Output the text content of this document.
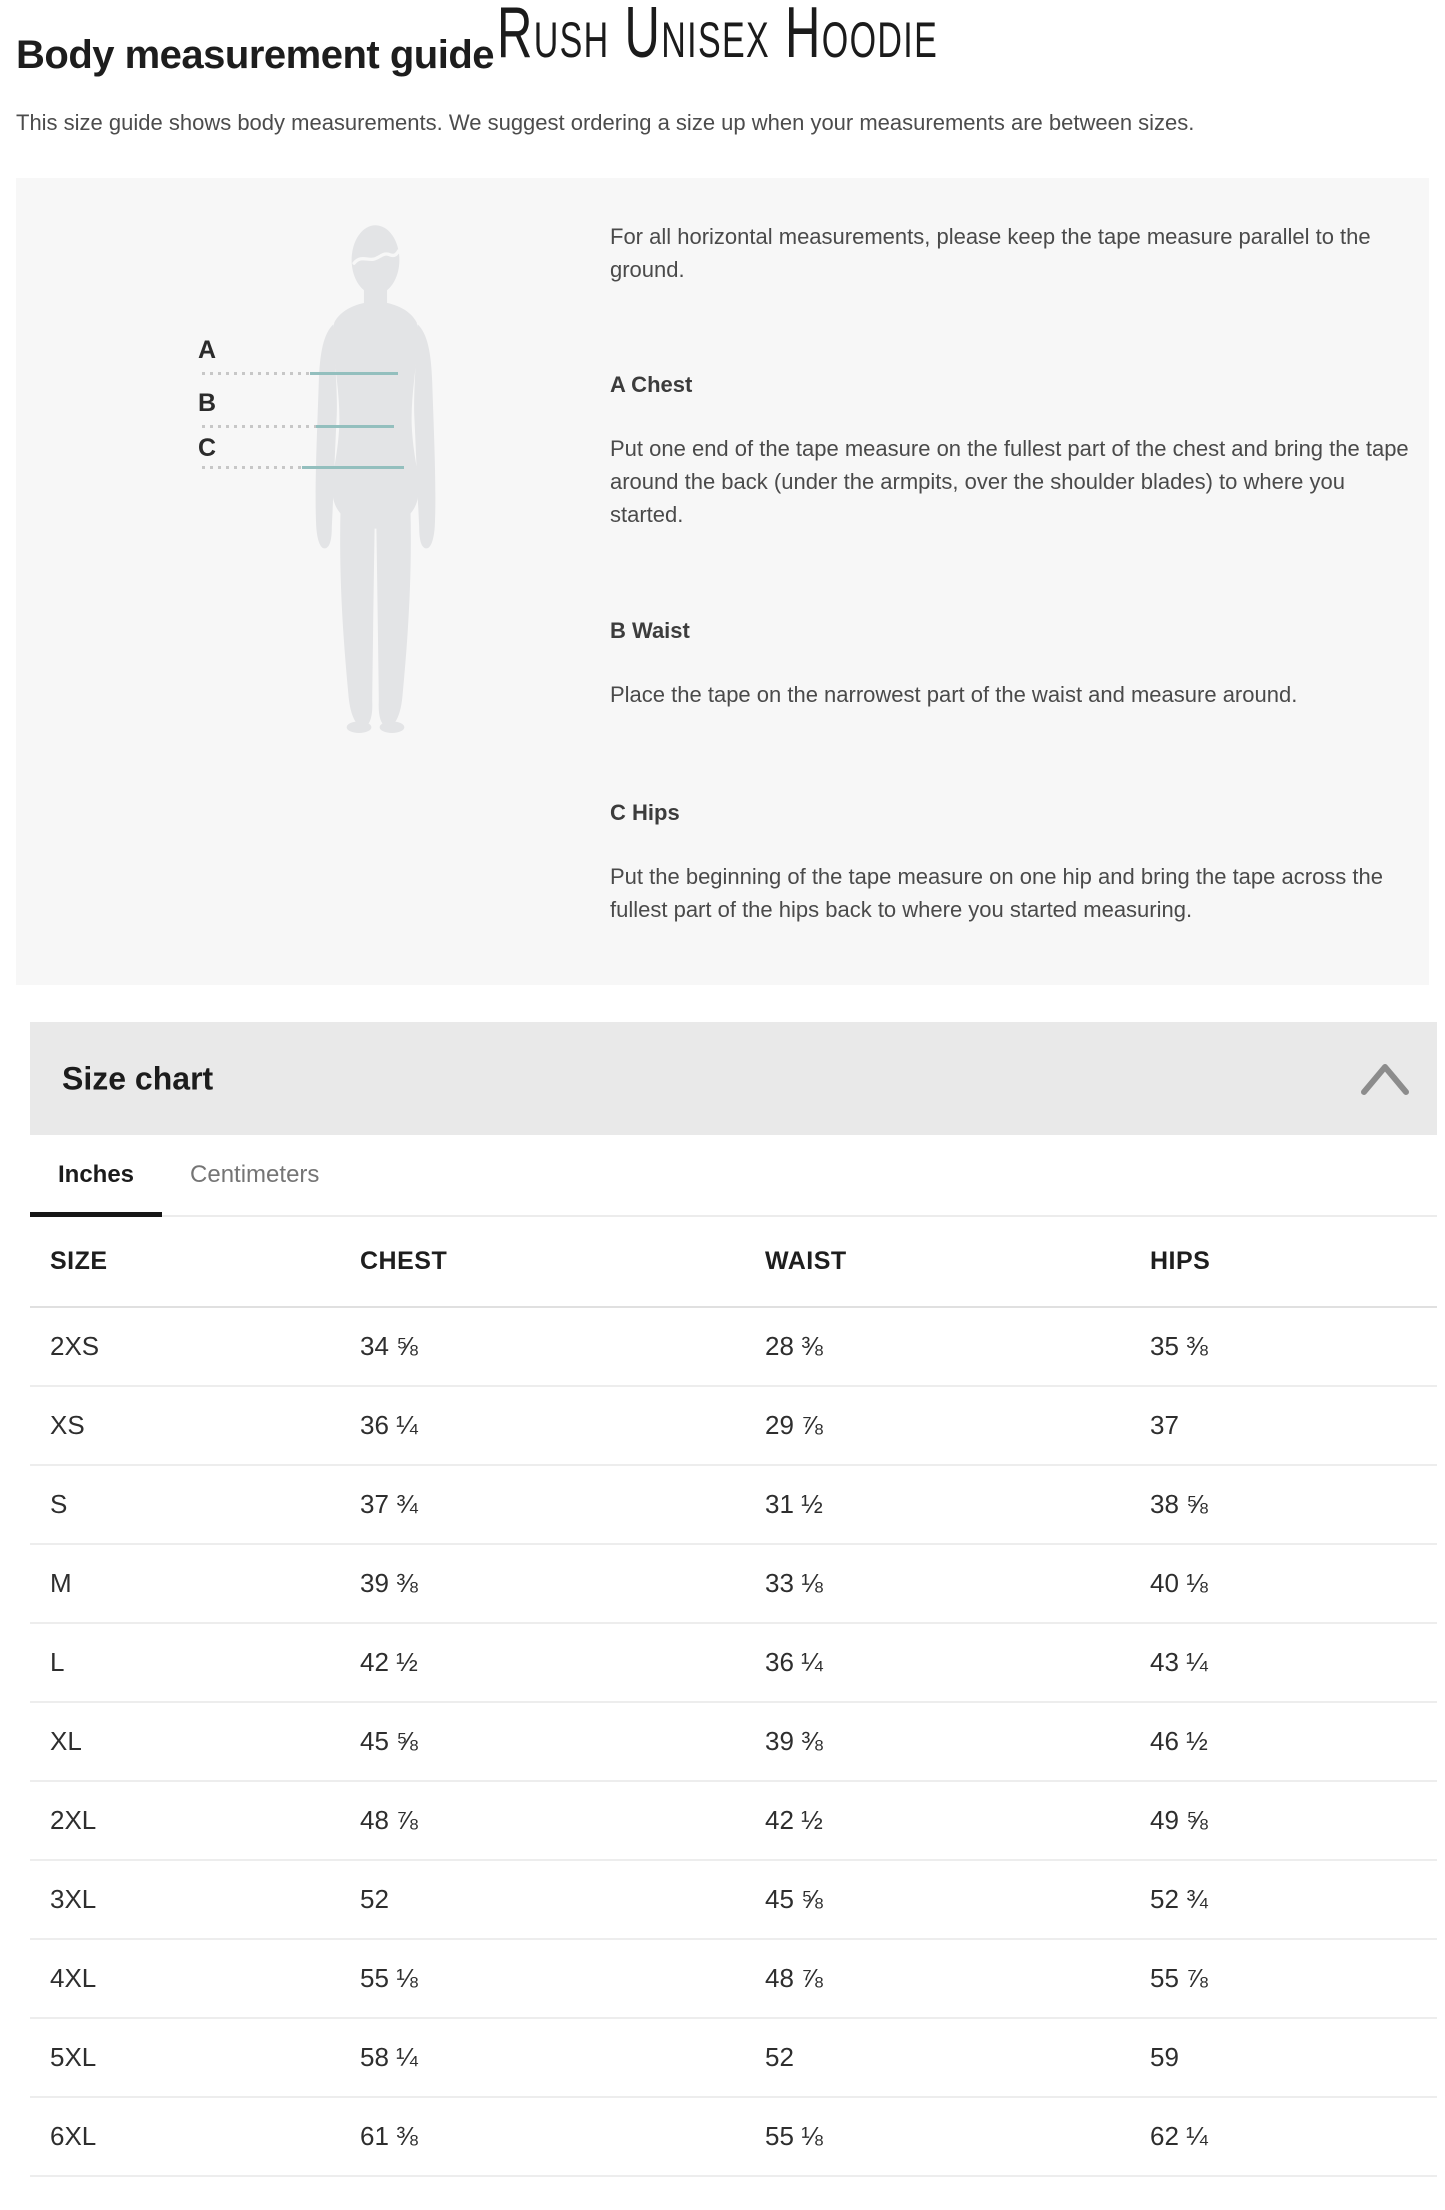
Body measurement guide Rush Unisex Hoodie

This size guide shows body measurements. We suggest ordering a size up when your measurements are between sizes.

A
B
C

For all horizontal measurements, please keep the tape measure parallel to the ground.

A Chest

Put one end of the tape measure on the fullest part of the chest and bring the tape around the back (under the armpits, over the shoulder blades) to where you started.

B Waist

Place the tape on the narrowest part of the waist and measure around.

C Hips

Put the beginning of the tape measure on one hip and bring the tape across the fullest part of the hips back to where you started measuring.

Size chart
Inches	Centimeters
SIZE	CHEST	WAIST	HIPS
2XS	34 ⅝	28 ⅜	35 ⅜
XS	36 ¼	29 ⅞	37
S	37 ¾	31 ½	38 ⅝
M	39 ⅜	33 ⅛	40 ⅛
L	42 ½	36 ¼	43 ¼
XL	45 ⅝	39 ⅜	46 ½
2XL	48 ⅞	42 ½	49 ⅝
3XL	52	45 ⅝	52 ¾
4XL	55 ⅛	48 ⅞	55 ⅞
5XL	58 ¼	52	59
6XL	61 ⅜	55 ⅛	62 ¼
